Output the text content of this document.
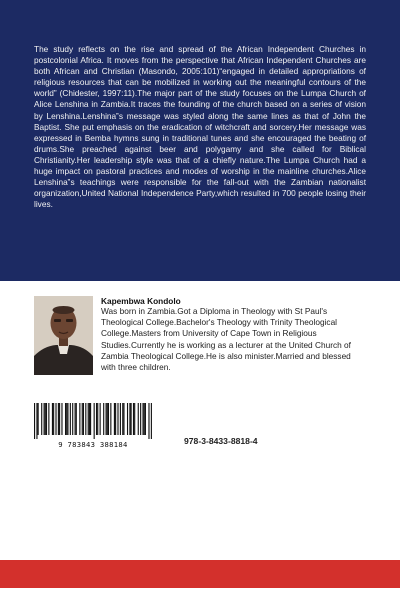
The study reflects on the rise and spread of the African Independent Churches in postcolonial Africa. It moves from the perspective that African Independent Churches are both African and Christian (Masondo, 2005:101)“engaged in detailed appropriations of religious resources that can be mobilized in working out the meaningful contours of the world” (Chidester, 1997:11).The major part of the study focuses on the Lumpa Church of Alice Lenshina in Zambia.It traces the founding of the church based on a series of vision by Lenshina.Lenshina‟s message was styled along the same lines as that of John the Baptist. She put emphasis on the eradication of witchcraft and sorcery.Her message was expressed in Bemba hymns sung in traditional tunes and she encouraged the beating of drums.She preached against beer and polygamy and she called for Biblical Christianity.Her leadership style was that of a chiefly nature.The Lumpa Church had a huge impact on pastoral practices and modes of worship in the mainline churches.Alice Lenshina‟s teachings were responsible for the fall-out with the Zambian nationalist organization,United National Independence Party,which resulted in 700 people losing their lives.

Kapembwa Kondolo

Was born in Zambia.Got a Diploma in Theology with St Paul's Theological College.Bachelor's Theology with Trinity Theological College.Masters from University of Cape Town in Religious Studies.Currently he is working as a lecturer at the United Church of Zambia Theological College.He is also minister.Married and blessed with three children.

9 783843 388184	978-3-8433-8818-4
